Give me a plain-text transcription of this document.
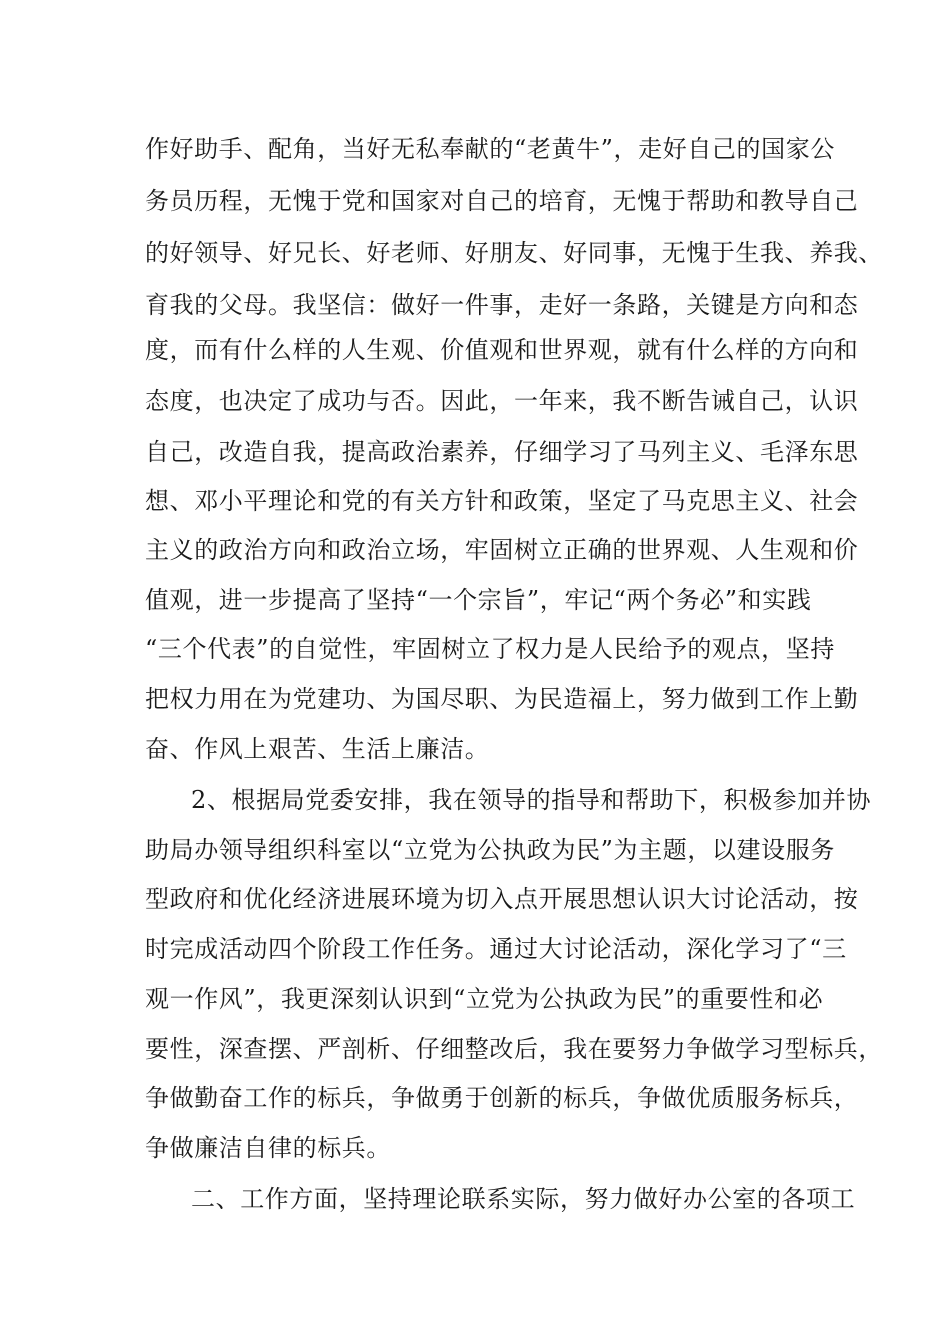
作好助手、配角，当好无私奉献的“老黄牛”，走好自己的国家公
务员历程，无愧于党和国家对自己的培育，无愧于帮助和教导自己
的好领导、好兄长、好老师、好朋友、好同事，无愧于生我、养我、
育我的父母。我坚信：做好一件事，走好一条路，关键是方向和态
度，而有什么样的人生观、价值观和世界观，就有什么样的方向和
态度，也决定了成功与否。因此，一年来，我不断告诫自己，认识
自己，改造自我，提高政治素养，仔细学习了马列主义、毛泽东思
想、邓小平理论和党的有关方针和政策，坚定了马克思主义、社会
主义的政治方向和政治立场，牢固树立正确的世界观、人生观和价
值观，进一步提高了坚持“一个宗旨”，牢记“两个务必”和实践
“三个代表”的自觉性，牢固树立了权力是人民给予的观点，坚持
把权力用在为党建功、为国尽职、为民造福上，努力做到工作上勤
奋、作风上艰苦、生活上廉洁。
2、根据局党委安排，我在领导的指导和帮助下，积极参加并协
助局办领导组织科室以“立党为公执政为民”为主题，以建设服务
型政府和优化经济进展环境为切入点开展思想认识大讨论活动，按
时完成活动四个阶段工作任务。通过大讨论活动，深化学习了“三
观一作风”，我更深刻认识到“立党为公执政为民”的重要性和必
要性，深查摆、严剖析、仔细整改后，我在要努力争做学习型标兵，
争做勤奋工作的标兵，争做勇于创新的标兵，争做优质服务标兵，
争做廉洁自律的标兵。
二、工作方面，坚持理论联系实际，努力做好办公室的各项工
